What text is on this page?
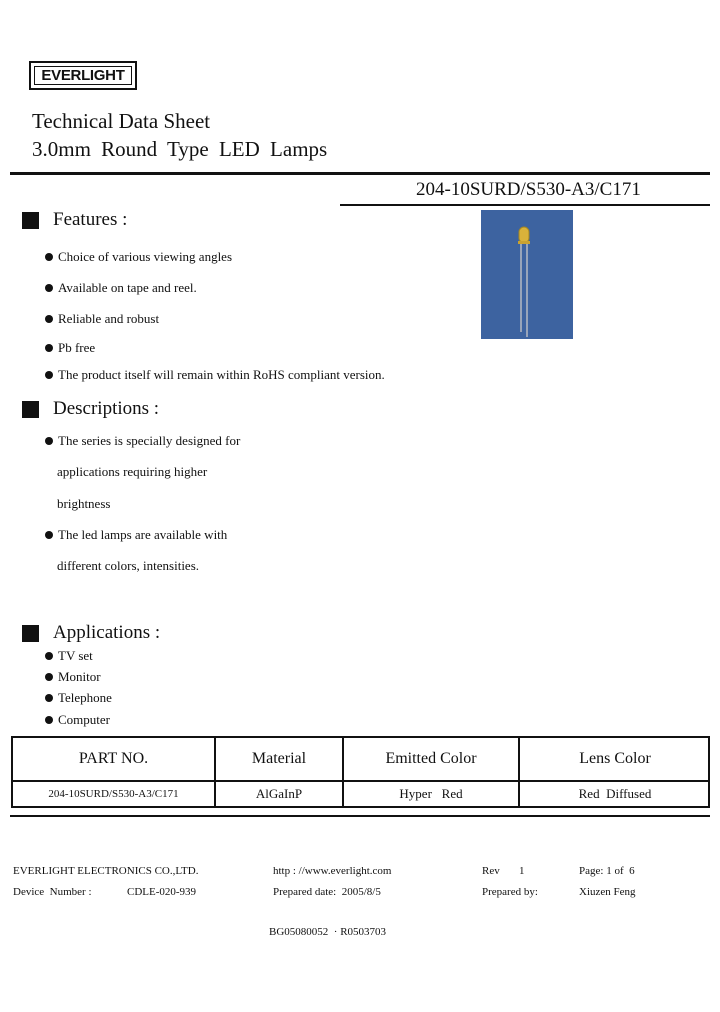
EVERLIGHT
Technical Data Sheet
3.0mm Round Type LED Lamps
204-10SURD/S530-A3/C171
Features :
Choice of various viewing angles
Available on tape and reel.
Reliable and robust
Pb free
The product itself will remain within RoHS compliant version.
Descriptions :
The series is specially designed for
applications requiring higher
brightness
The led lamps are available with
different colors, intensities.
Applications :
TV set
Monitor
Telephone
Computer
PART NO.	Material	Emitted Color	Lens Color
204-10SURD/S530-A3/C171	AlGaInP	Hyper   Red	Red  Diffused
EVERLIGHT ELECTRONICS CO.,LTD.	http : //www.everlight.com	Rev 1	Page: 1 of  6
Device  Number :	CDLE-020-939	Prepared date:  2005/8/5	Prepared by:	Xiuzen Feng
BG05080052  · R0503703
